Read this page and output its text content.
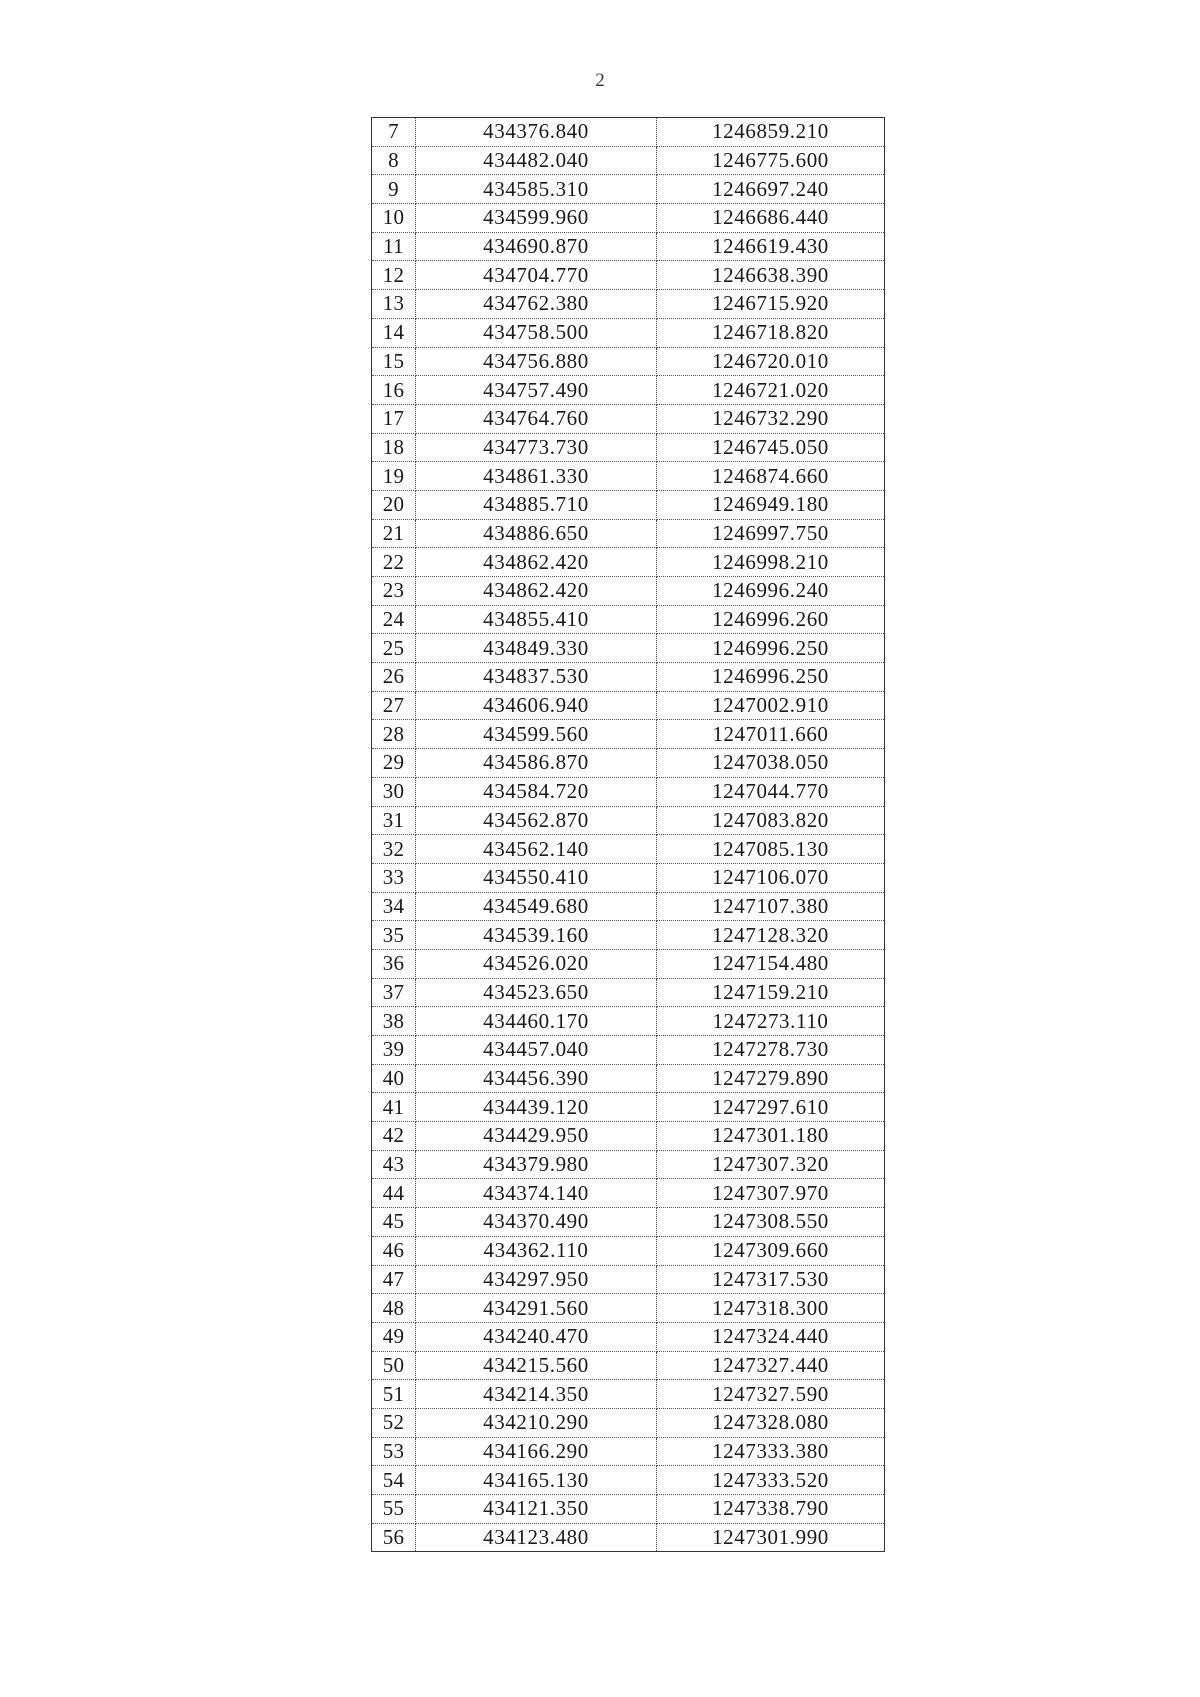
2
7	434376.840	1246859.210
8	434482.040	1246775.600
9	434585.310	1246697.240
10	434599.960	1246686.440
11	434690.870	1246619.430
12	434704.770	1246638.390
13	434762.380	1246715.920
14	434758.500	1246718.820
15	434756.880	1246720.010
16	434757.490	1246721.020
17	434764.760	1246732.290
18	434773.730	1246745.050
19	434861.330	1246874.660
20	434885.710	1246949.180
21	434886.650	1246997.750
22	434862.420	1246998.210
23	434862.420	1246996.240
24	434855.410	1246996.260
25	434849.330	1246996.250
26	434837.530	1246996.250
27	434606.940	1247002.910
28	434599.560	1247011.660
29	434586.870	1247038.050
30	434584.720	1247044.770
31	434562.870	1247083.820
32	434562.140	1247085.130
33	434550.410	1247106.070
34	434549.680	1247107.380
35	434539.160	1247128.320
36	434526.020	1247154.480
37	434523.650	1247159.210
38	434460.170	1247273.110
39	434457.040	1247278.730
40	434456.390	1247279.890
41	434439.120	1247297.610
42	434429.950	1247301.180
43	434379.980	1247307.320
44	434374.140	1247307.970
45	434370.490	1247308.550
46	434362.110	1247309.660
47	434297.950	1247317.530
48	434291.560	1247318.300
49	434240.470	1247324.440
50	434215.560	1247327.440
51	434214.350	1247327.590
52	434210.290	1247328.080
53	434166.290	1247333.380
54	434165.130	1247333.520
55	434121.350	1247338.790
56	434123.480	1247301.990
